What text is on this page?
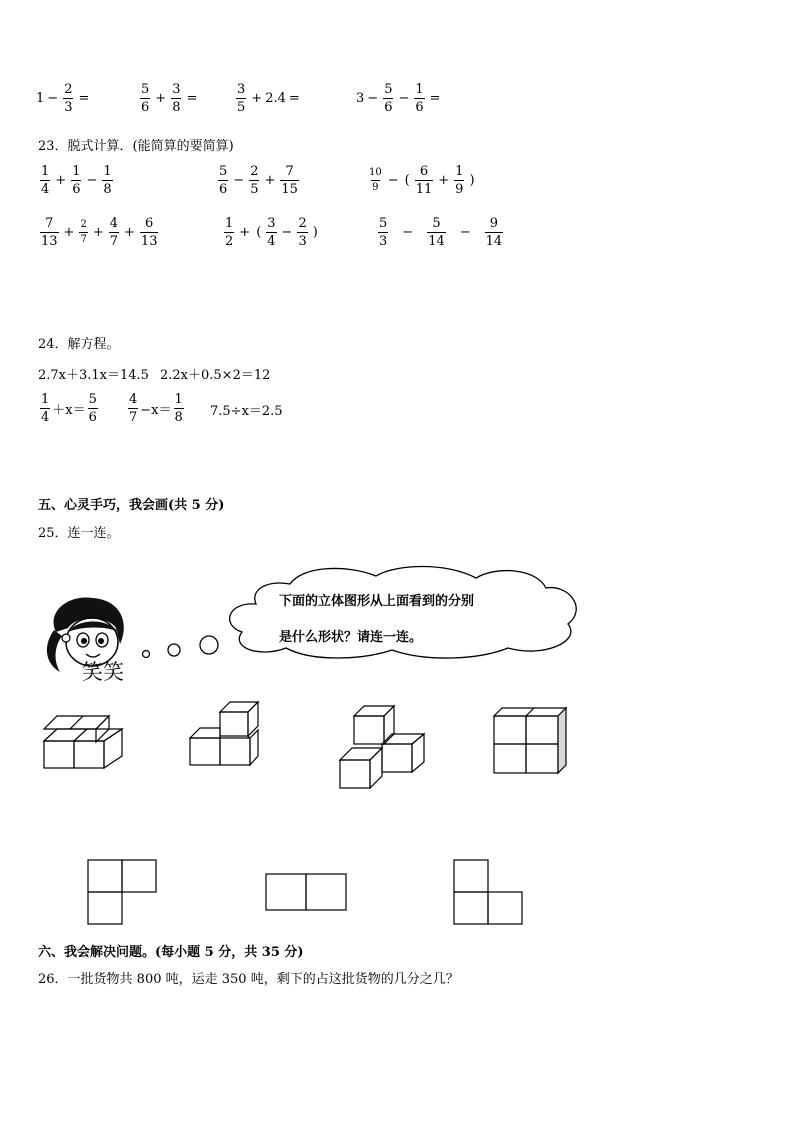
$1 - \frac{2}{3}$ =	$\frac{5}{6} + \frac{3}{8}$ =	$\frac{3}{5} + 2.4$ =	$3 - \frac{5}{6} - \frac{1}{6}$ =
23．脱式计算．(能简算的要简算)
$\frac{1}{4} + \frac{1}{6} - \frac{1}{8}$	$\frac{5}{6} - \frac{2}{5} + \frac{7}{15}$	$\frac{10}{9}$ − ( $\frac{6}{11} + \frac{1}{9}$ )
$\frac{7}{13} + \frac{2}{7} + \frac{4}{7} + \frac{6}{13}$	$\frac{1}{2}$ + ( $\frac{3}{4} - \frac{2}{3}$ )	$\frac{5}{3} - \frac{5}{14} - \frac{9}{14}$
24．解方程。
2.7x＋3.1x＝14.5 2.2x＋0.5×2＝12
$\frac{1}{4} +x= \frac{5}{6} \frac{4}{7} -x= \frac{1}{8} 7.5\div x=2.5$
五、心灵手巧，我会画(共 5 分)
25．连一连。
笑笑
下面的立体图形从上面看到的分别
是什么形状？请连一连。
六、我会解决问题。(每小题 5 分，共 35 分)
26．一批货物共 800 吨，运走 350 吨，剩下的占这批货物的几分之几？
